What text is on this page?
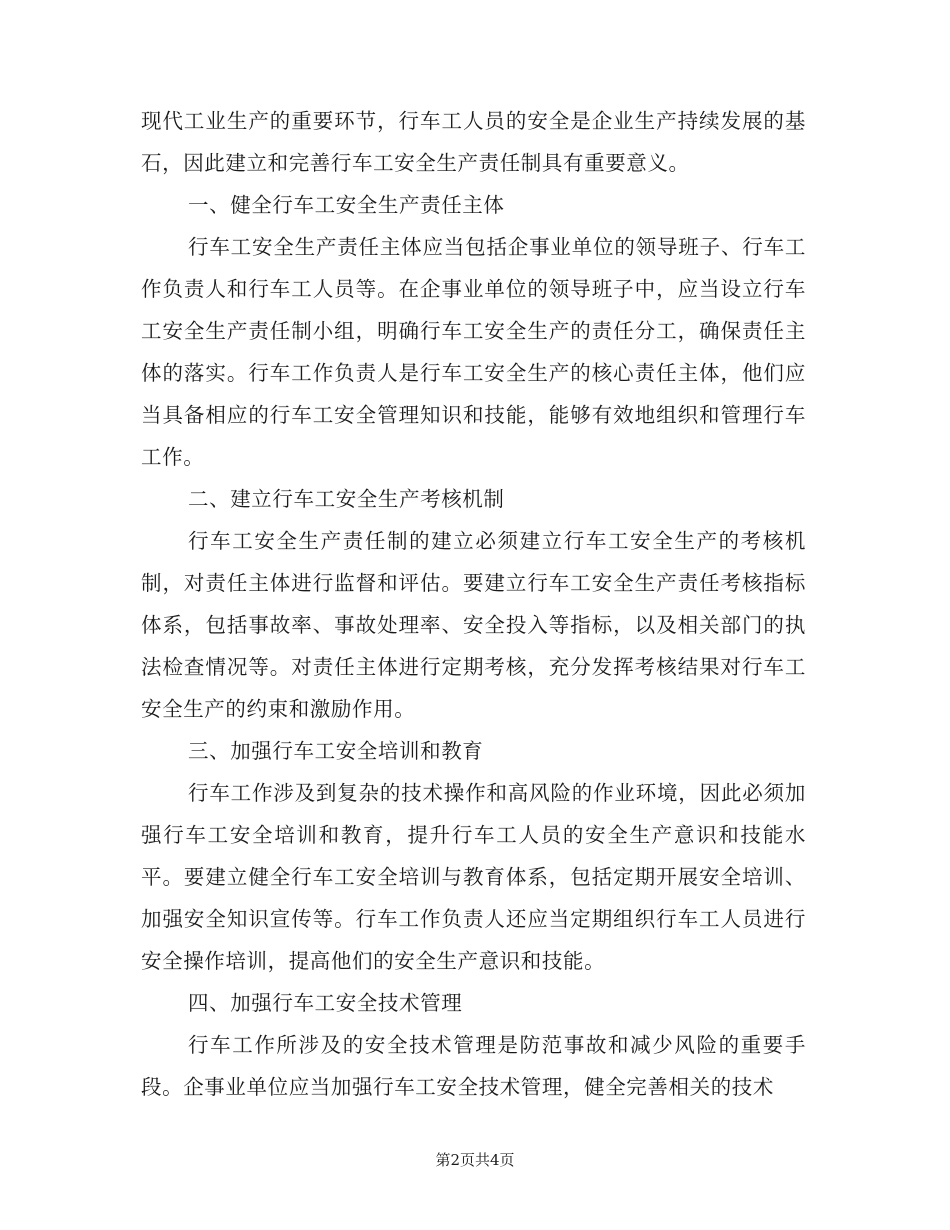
现代工业生产的重要环节，行车工人员的安全是企业生产持续发展的基石，因此建立和完善行车工安全生产责任制具有重要意义。

一、健全行车工安全生产责任主体

行车工安全生产责任主体应当包括企事业单位的领导班子、行车工作负责人和行车工人员等。在企事业单位的领导班子中，应当设立行车工安全生产责任制小组，明确行车工安全生产的责任分工，确保责任主体的落实。行车工作负责人是行车工安全生产的核心责任主体，他们应当具备相应的行车工安全管理知识和技能，能够有效地组织和管理行车工作。

二、建立行车工安全生产考核机制

行车工安全生产责任制的建立必须建立行车工安全生产的考核机制，对责任主体进行监督和评估。要建立行车工安全生产责任考核指标体系，包括事故率、事故处理率、安全投入等指标，以及相关部门的执法检查情况等。对责任主体进行定期考核，充分发挥考核结果对行车工安全生产的约束和激励作用。

三、加强行车工安全培训和教育

行车工作涉及到复杂的技术操作和高风险的作业环境，因此必须加强行车工安全培训和教育，提升行车工人员的安全生产意识和技能水平。要建立健全行车工安全培训与教育体系，包括定期开展安全培训、加强安全知识宣传等。行车工作负责人还应当定期组织行车工人员进行安全操作培训，提高他们的安全生产意识和技能。

四、加强行车工安全技术管理

行车工作所涉及的安全技术管理是防范事故和减少风险的重要手段。企事业单位应当加强行车工安全技术管理，健全完善相关的技术

第2页共4页
